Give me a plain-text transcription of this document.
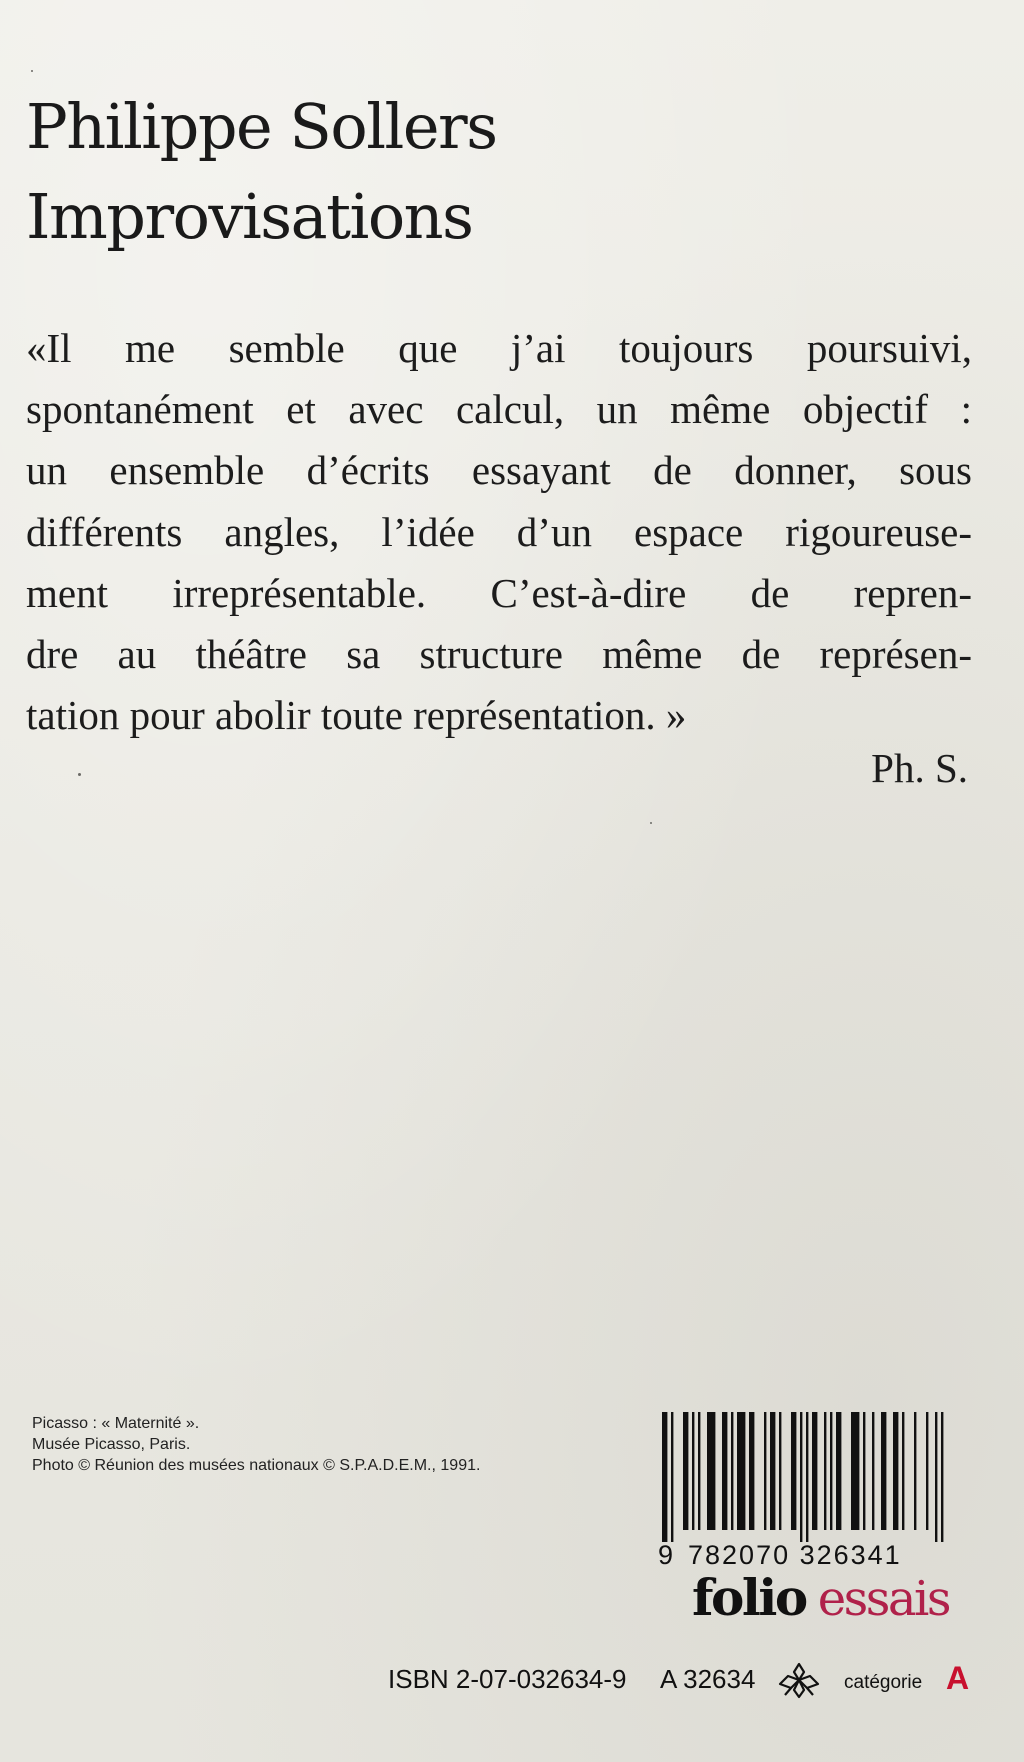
Philippe Sollers
Improvisations
«Il me semble que j’ai toujours poursuivi,
spontanément et avec calcul, un même objectif :
un ensemble d’écrits essayant de donner, sous
différents angles, l’idée d’un espace rigoureuse-
ment irreprésentable. C’est-à-dire de repren-
dre au théâtre sa structure même de représen-
tation pour abolir toute représentation. »
Ph. S.
Picasso : « Maternité ».
Musée Picasso, Paris.
Photo © Réunion des musées nationaux © S.P.A.D.E.M., 1991.
9 782070 326341
folio essais
ISBN 2-07-032634-9 A 32634	catégorie A
